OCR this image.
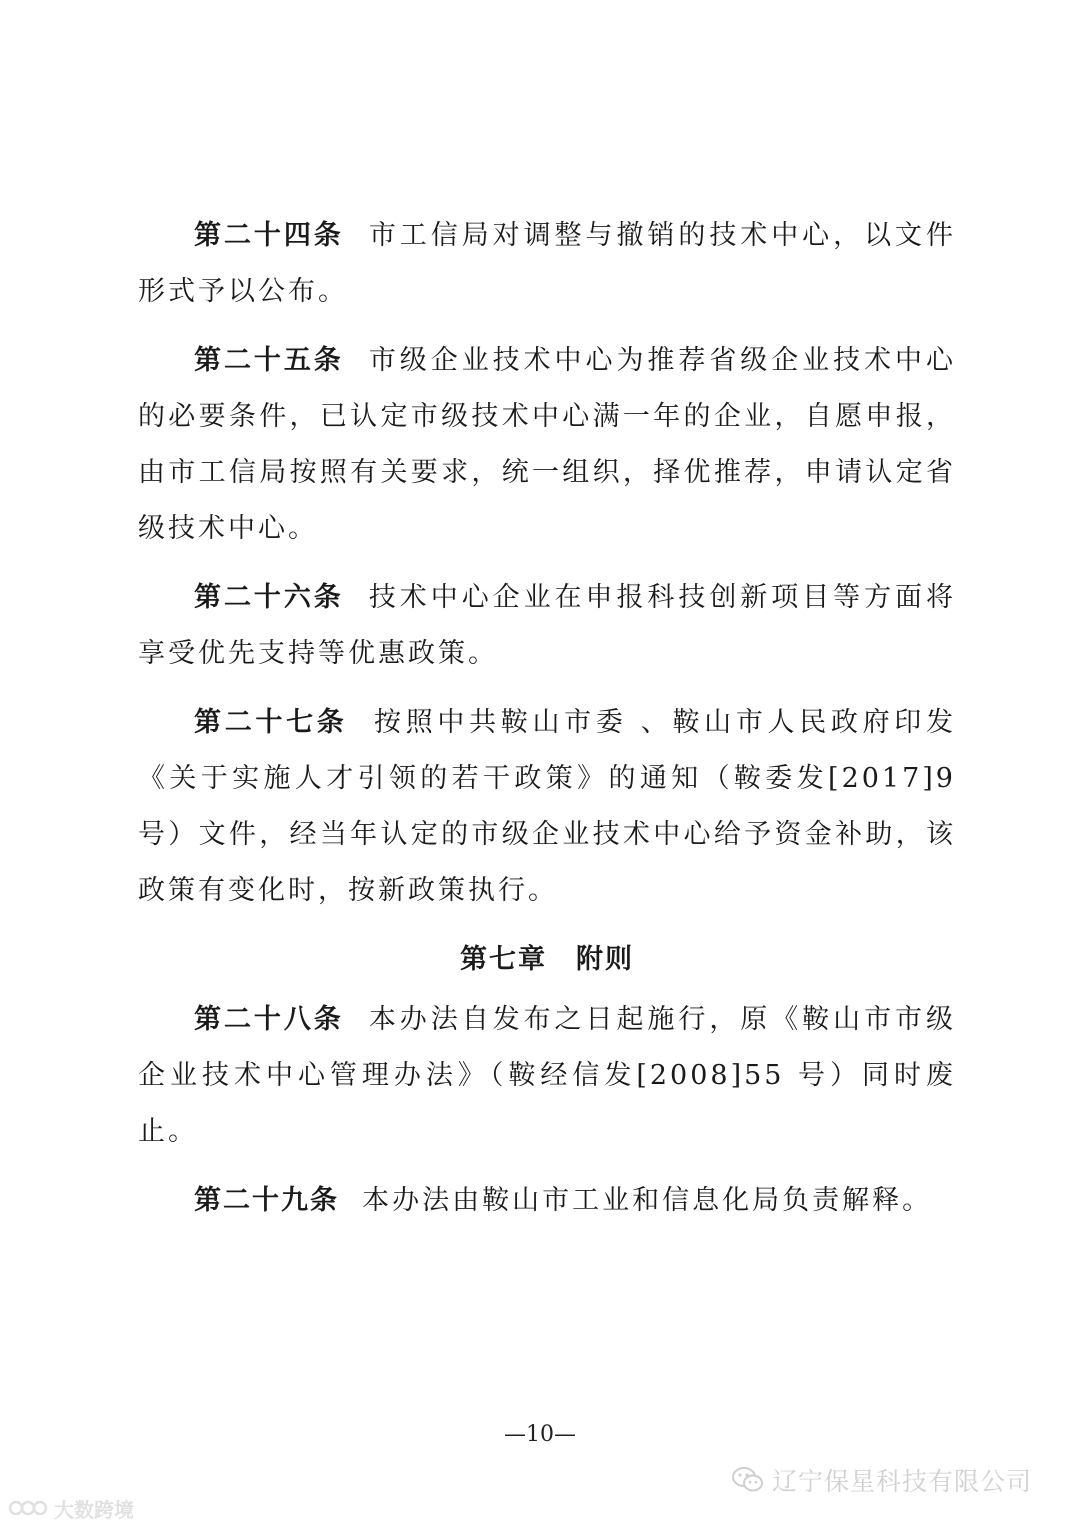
第二十四条 市工信局对调整与撤销的技术中心，以文件形式予以公布。

第二十五条 市级企业技术中心为推荐省级企业技术中心的必要条件，已认定市级技术中心满一年的企业，自愿申报，由市工信局按照有关要求，统一组织，择优推荐，申请认定省级技术中心。

第二十六条 技术中心企业在申报科技创新项目等方面将享受优先支持等优惠政策。

第二十七条 按照中共鞍山市委 、鞍山市人民政府印发《关于实施人才引领的若干政策》的通知（鞍委发[2017]9 号）文件，经当年认定的市级企业技术中心给予资金补助，该政策有变化时，按新政策执行。

第七章　附则

第二十八条 本办法自发布之日起施行，原《鞍山市市级企业技术中心管理办法》（鞍经信发[2008]55 号）同时废止。

第二十九条 本办法由鞍山市工业和信息化局负责解释。

—10—
辽宁保星科技有限公司
大数跨境
